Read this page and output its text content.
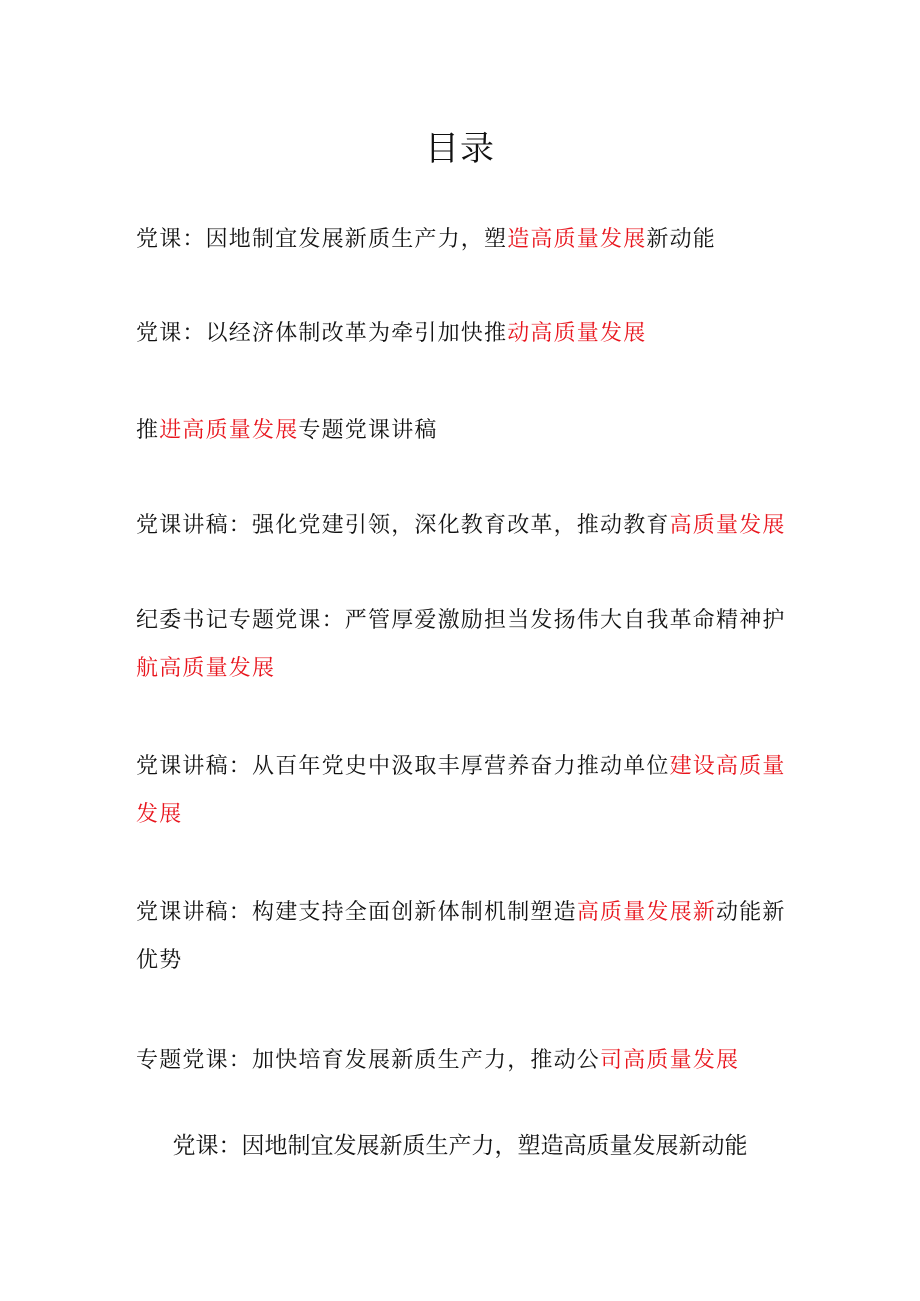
目录
党课：因地制宜发展新质生产力，塑造高质量发展新动能
党课：以经济体制改革为牵引加快推动高质量发展
推进高质量发展专题党课讲稿
党课讲稿：强化党建引领，深化教育改革，推动教育高质量发展
纪委书记专题党课：严管厚爱激励担当发扬伟大自我革命精神护航高质量发展
党课讲稿：从百年党史中汲取丰厚营养奋力推动单位建设高质量发展
党课讲稿：构建支持全面创新体制机制塑造高质量发展新动能新优势
专题党课：加快培育发展新质生产力，推动公司高质量发展
党课：因地制宜发展新质生产力，塑造高质量发展新动能
